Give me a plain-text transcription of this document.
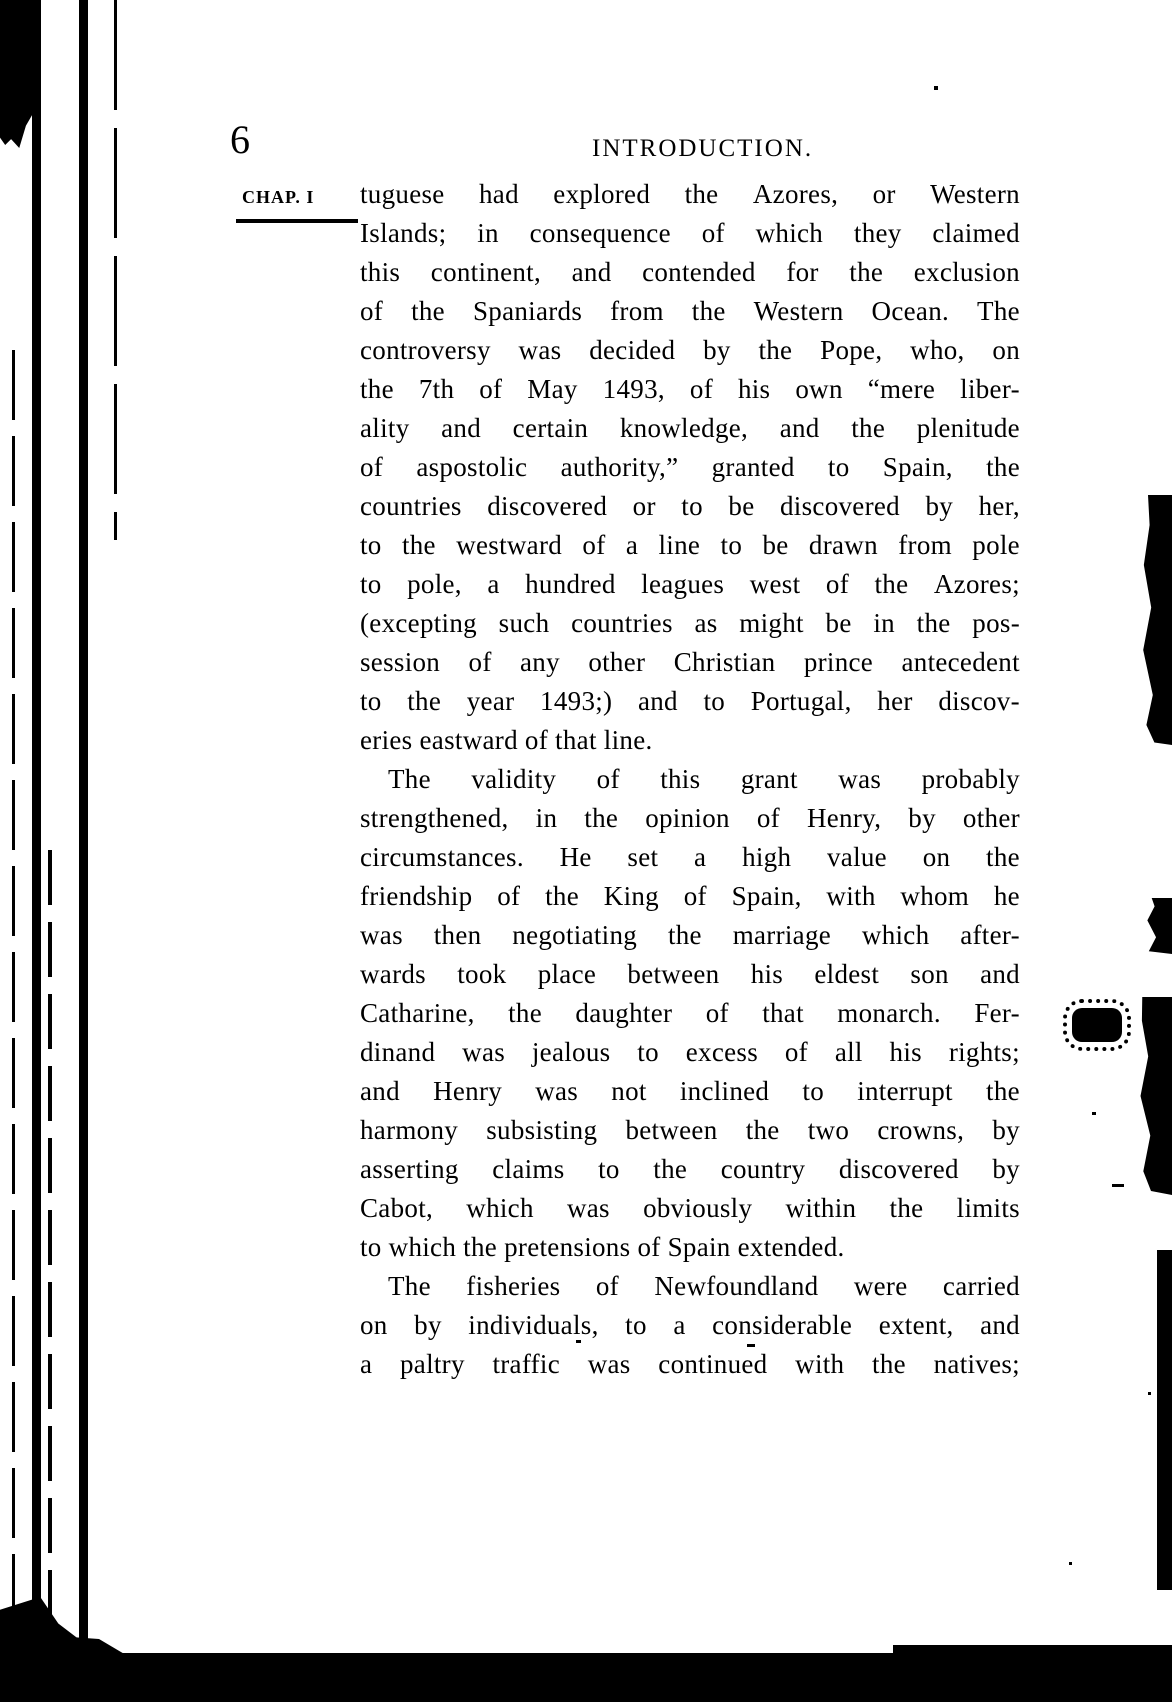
6	INTRODUCTION.
CHAP. I tuguese had explored the Azores, or Western
Islands; in consequence of which they claimed
this continent, and contended for the exclusion
of the Spaniards from the Western Ocean. The
controversy was decided by the Pope, who, on
the 7th of May 1493, of his own “mere liber-
ality and certain knowledge, and the plenitude
of aspostolic authority,” granted to Spain, the
countries discovered or to be discovered by her,
to the westward of a line to be drawn from pole
to pole, a hundred leagues west of the Azores;
(excepting such countries as might be in the pos-
session of any other Christian prince antecedent
to the year 1493;) and to Portugal, her discov-
eries eastward of that line.
The validity of this grant was probably
strengthened, in the opinion of Henry, by other
circumstances. He set a high value on the
friendship of the King of Spain, with whom he
was then negotiating the marriage which after-
wards took place between his eldest son and
Catharine, the daughter of that monarch. Fer-
dinand was jealous to excess of all his rights;
and Henry was not inclined to interrupt the
harmony subsisting between the two crowns, by
asserting claims to the country discovered by
Cabot, which was obviously within the limits
to which the pretensions of Spain extended.
The fisheries of Newfoundland were carried
on by individuals, to a considerable extent, and
a paltry traffic was continued with the natives;
